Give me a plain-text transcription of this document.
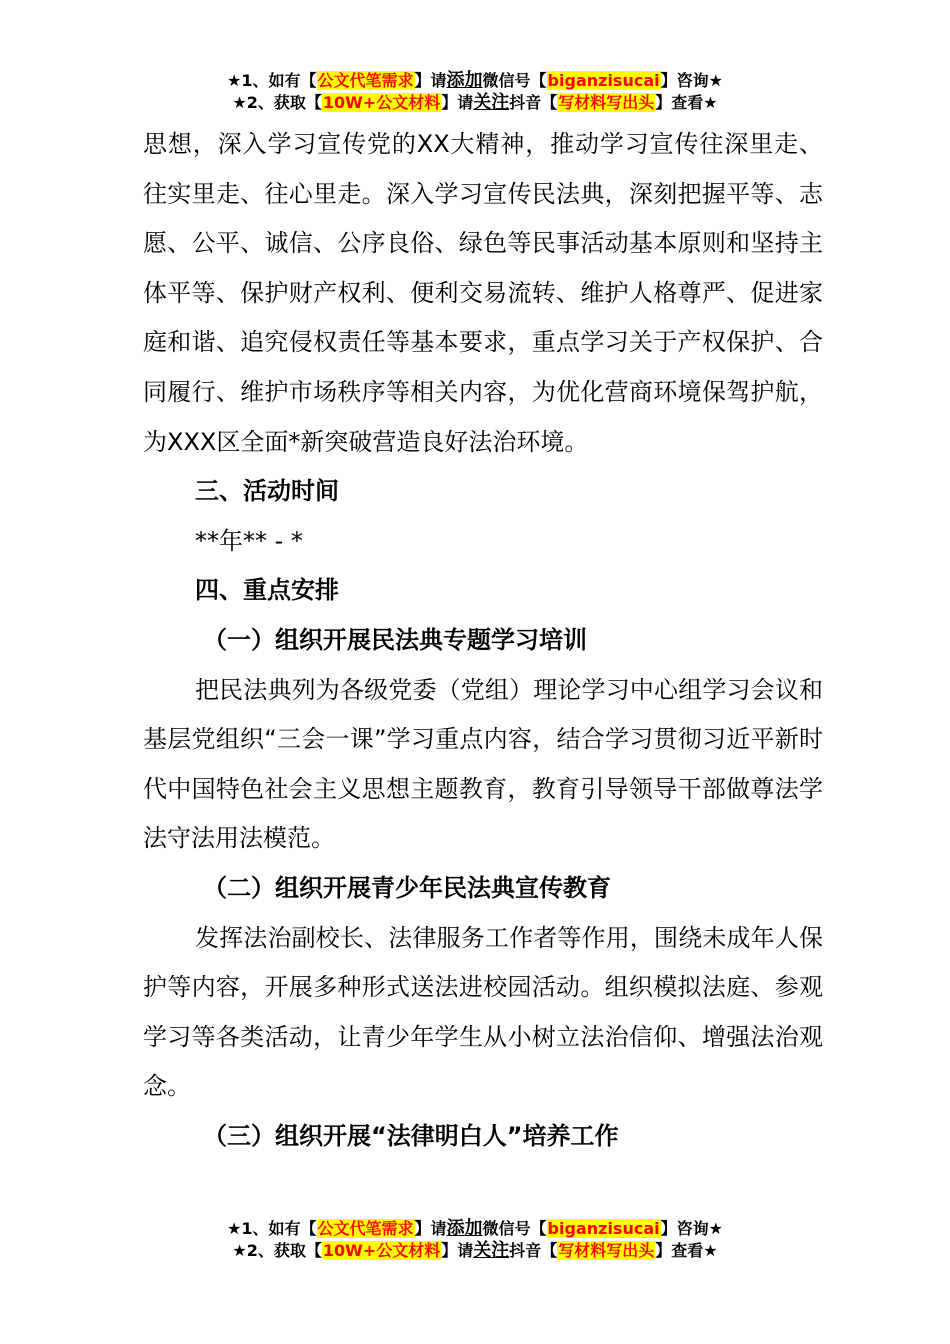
★1、如有【公文代笔需求】请添加微信号【biganzisucai】咨询★
★2、获取【10W+公文材料】请关注抖音【写材料写出头】查看★

思想，深入学习宣传党的XX大精神，推动学习宣传往深里走、往实里走、往心里走。深入学习宣传民法典，深刻把握平等、志愿、公平、诚信、公序良俗、绿色等民事活动基本原则和坚持主体平等、保护财产权利、便利交易流转、维护人格尊严、促进家庭和谐、追究侵权责任等基本要求，重点学习关于产权保护、合同履行、维护市场秩序等相关内容，为优化营商环境保驾护航，为XXX区全面*新突破营造良好法治环境。

三、活动时间

**年** - *

四、重点安排

（一）组织开展民法典专题学习培训

把民法典列为各级党委（党组）理论学习中心组学习会议和基层党组织“三会一课”学习重点内容，结合学习贯彻习近平新时代中国特色社会主义思想主题教育，教育引导领导干部做尊法学法守法用法模范。

（二）组织开展青少年民法典宣传教育

发挥法治副校长、法律服务工作者等作用，围绕未成年人保护等内容，开展多种形式送法进校园活动。组织模拟法庭、参观学习等各类活动，让青少年学生从小树立法治信仰、增强法治观念。

（三）组织开展“法律明白人”培养工作

★1、如有【公文代笔需求】请添加微信号【biganzisucai】咨询★
★2、获取【10W+公文材料】请关注抖音【写材料写出头】查看★
